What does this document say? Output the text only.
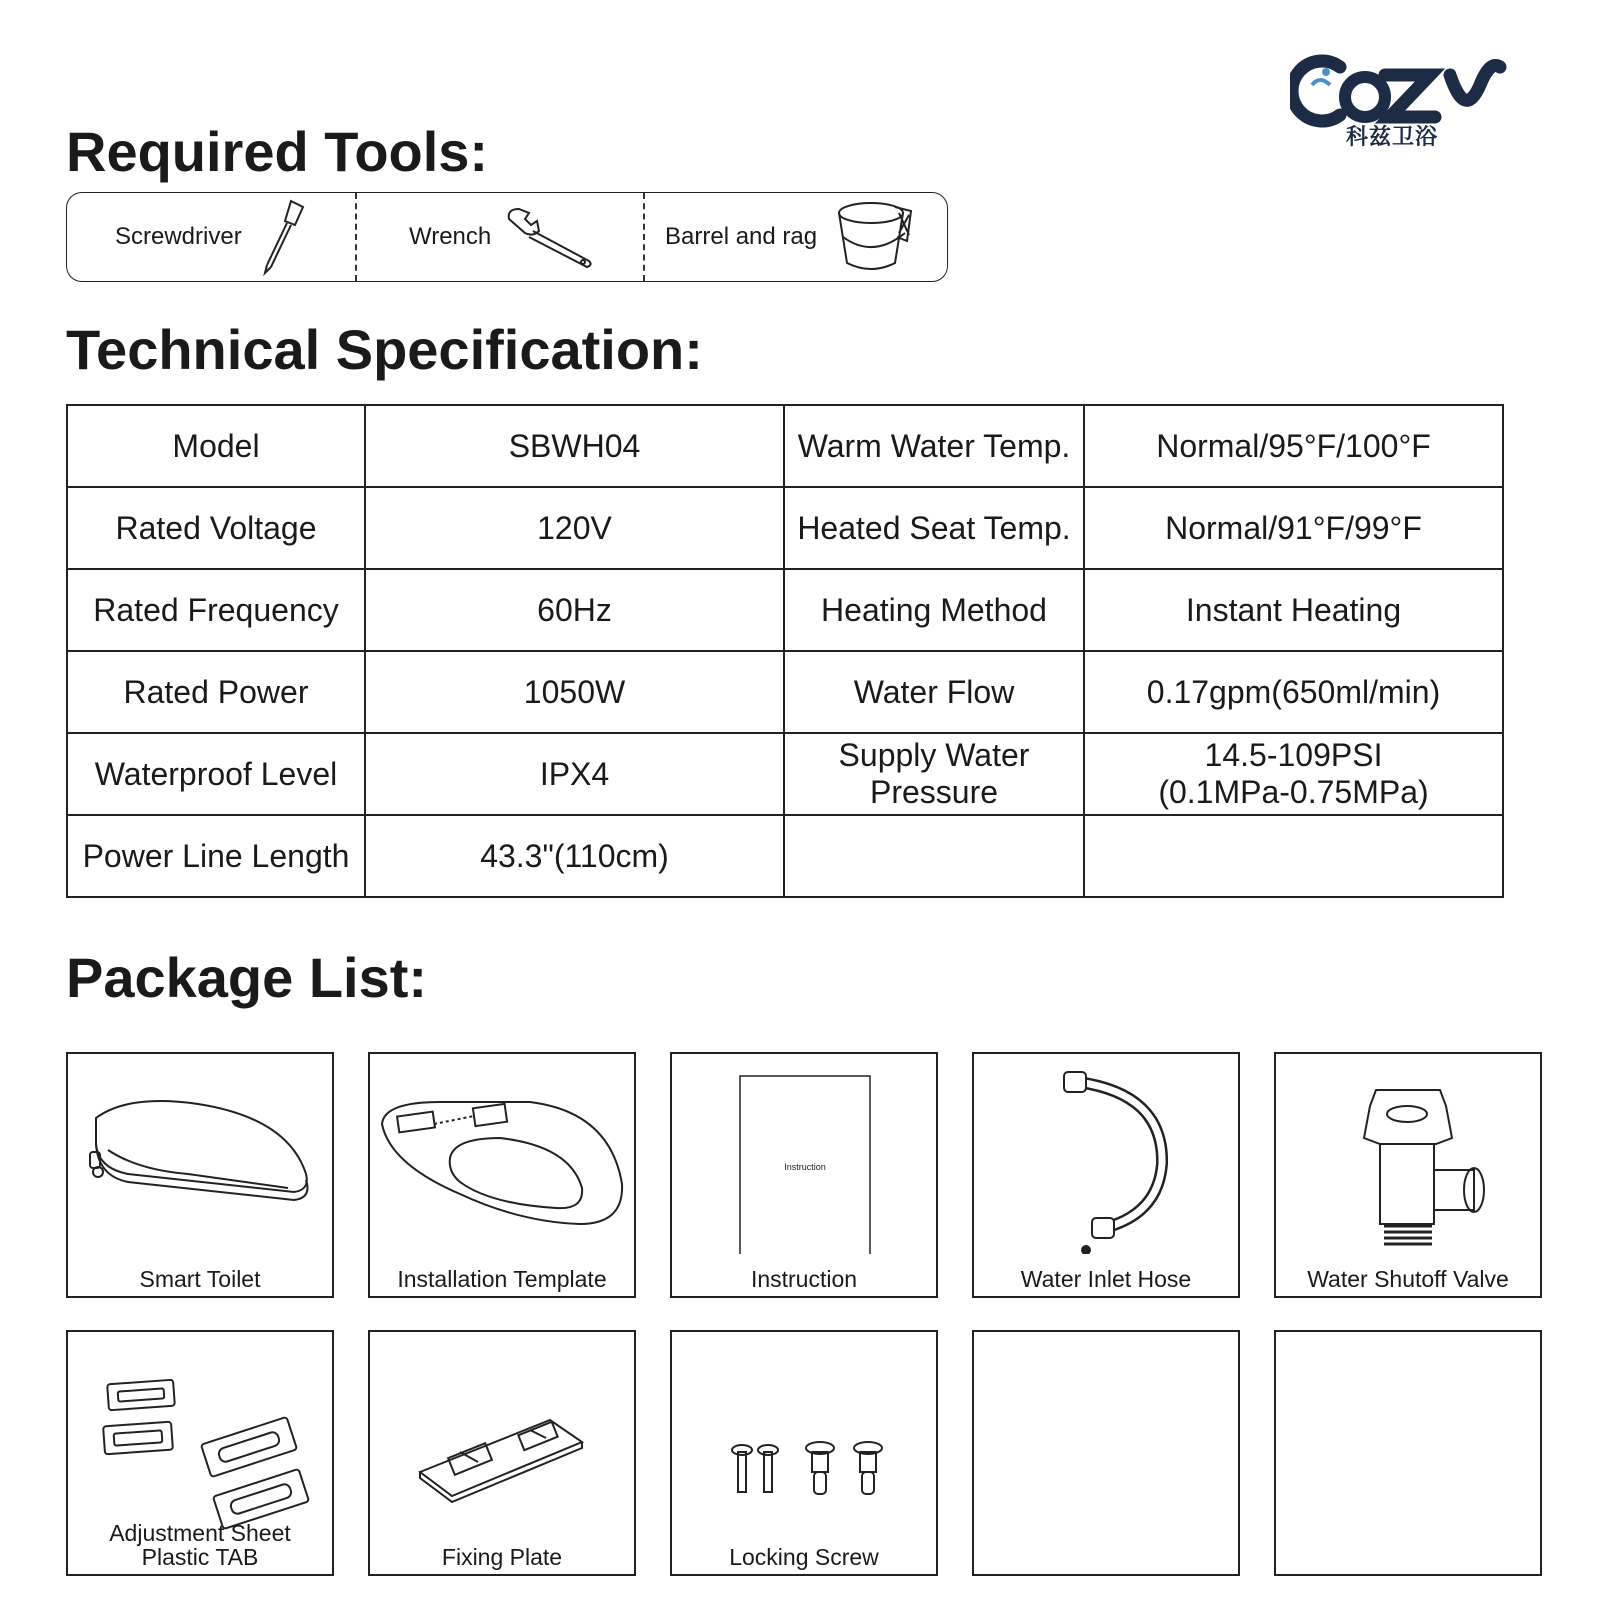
科兹卫浴
Required Tools:
Screwdriver	Wrench	Barrel and rag
Technical Specification:
Model	SBWH04	Warm Water Temp.	Normal/95°F/100°F
Rated Voltage	120V	Heated Seat Temp.	Normal/91°F/99°F
Rated Frequency	60Hz	Heating Method	Instant Heating
Rated Power	1050W	Water Flow	0.17gpm(650ml/min)
Waterproof Level	IPX4	Supply Water Pressure	14.5-109PSI (0.1MPa-0.75MPa)
Power Line Length	43.3"(110cm)		
Package List:
Smart Toilet	Installation Template
Instruction
Instruction	Water Inlet Hose	Water Shutoff Valve
Adjustment Sheet
Plastic TAB	Fixing Plate	Locking Screw
